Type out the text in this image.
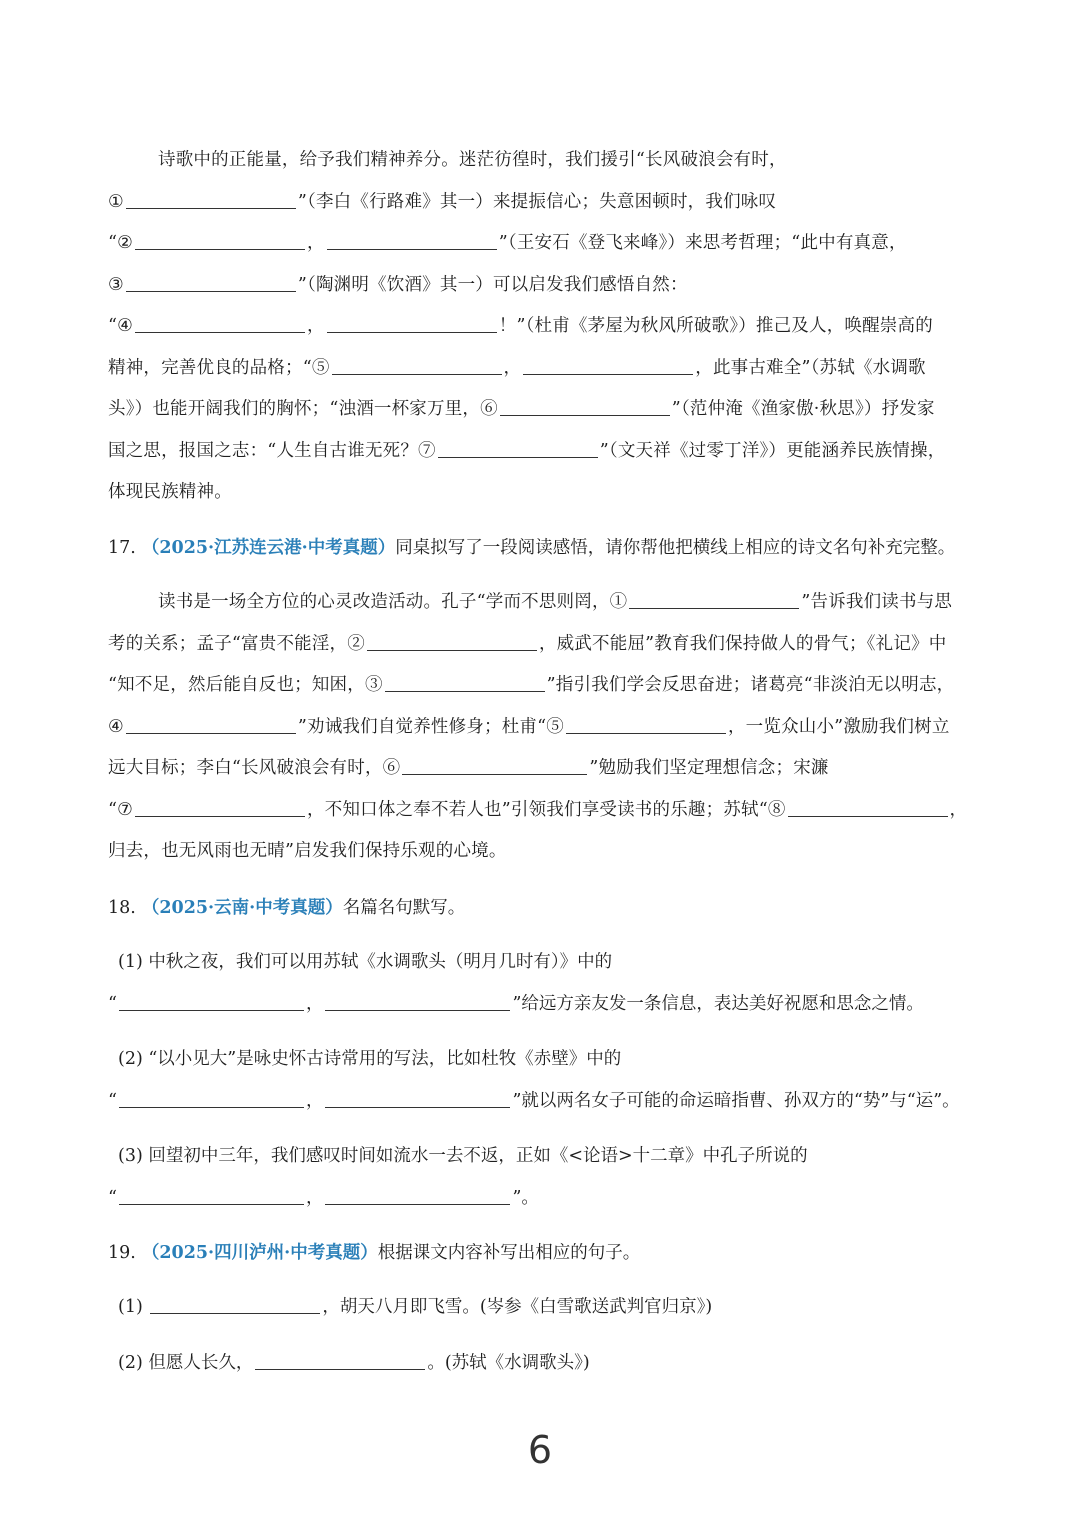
诗歌中的正能量，给予我们精神养分。迷茫彷徨时，我们援引“长风破浪会有时，

①	”（李白《行路难》其一）来提振信心；失意困顿时，我们咏叹

“②	，	”（王安石《登飞来峰》）来思考哲理；“此中有真意，

③	”（陶渊明《饮酒》其一）可以启发我们感悟自然：

“④	，	！”（杜甫《茅屋为秋风所破歌》）推己及人，唤醒崇高的

精神，完善优良的品格；“⑤	，	，此事古难全”（苏轼《水调歌

头》）也能开阔我们的胸怀；“浊酒一杯家万里，⑥	”（范仲淹《渔家傲·秋思》）抒发家

国之思，报国之志：“人生自古谁无死？⑦	”（文天祥《过零丁洋》）更能涵养民族情操，

体现民族精神。

17. （2025·江苏连云港·中考真题）同桌拟写了一段阅读感悟，请你帮他把横线上相应的诗文名句补充完整。

读书是一场全方位的心灵改造活动。孔子“学而不思则罔，①	”告诉我们读书与思

考的关系；孟子“富贵不能淫，②	，威武不能屈”教育我们保持做人的骨气；《礼记》中

“知不足，然后能自反也；知困，③	”指引我们学会反思奋进；诸葛亮“非淡泊无以明志，

④	”劝诫我们自觉养性修身；杜甫“⑤	，一览众山小”激励我们树立

远大目标；李白“长风破浪会有时，⑥	”勉励我们坚定理想信念；宋濂

“⑦	，不知口体之奉不若人也”引领我们享受读书的乐趣；苏轼“⑧	，

归去，也无风雨也无晴”启发我们保持乐观的心境。

18. （2025·云南·中考真题）名篇名句默写。
(1) 中秋之夜，我们可以用苏轼《水调歌头（明月几时有）》中的
“	，	”给远方亲友发一条信息，表达美好祝愿和思念之情。
(2) “以小见大”是咏史怀古诗常用的写法，比如杜牧《赤壁》中的
“	，	”就以两名女子可能的命运暗指曹、孙双方的“势”与“运”。
(3) 回望初中三年，我们感叹时间如流水一去不返，正如《<论语>十二章》中孔子所说的
“	，	”。
19. （2025·四川泸州·中考真题）根据课文内容补写出相应的句子。
(1)	，胡天八月即飞雪。(岑参《白雪歌送武判官归京》)
(2) 但愿人长久，	。(苏轼《水调歌头》)
6
